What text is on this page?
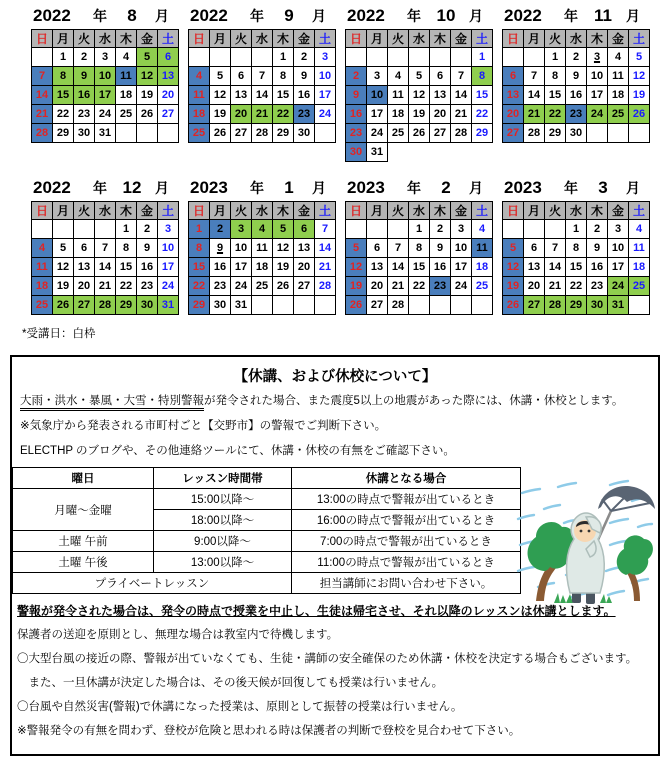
2022	年	8	月
日	月	火	水	木	金	土
	1	2	3	4	5	6
7	8	9	10	11	12	13
14	15	16	17	18	19	20
21	22	23	24	25	26	27
28	29	30	31			
2022	年	9	月
日	月	火	水	木	金	土
				1	2	3
4	5	6	7	8	9	10
11	12	13	14	15	16	17
18	19	20	21	22	23	24
25	26	27	28	29	30	
2022	年 10 月
日	月	火	水	木	金	土
						1
2	3	4	5	6	7	8
9	10	11	12	13	14	15
16	17	18	19	20	21	22
23	24	25	26	27	28	29
30	31					
2022	年 11	月
日	月	火	水	木	金	土
		1	2	3	4	5
6	7	8	9	10	11	12
13	14	15	16	17	18	19
20	21	22	23	24	25	26
27	28	29	30			
2022	年 12 月
日	月	火	水	木	金	土
				1	2	3
4	5	6	7	8	9	10
11	12	13	14	15	16	17
18	19	20	21	22	23	24
25	26	27	28	29	30	31
2023	年	1	月
日	月	火	水	木	金	土
1	2	3	4	5	6	7
8	9	10	11	12	13	14
15	16	17	18	19	20	21
22	23	24	25	26	27	28
29	30	31				
2023	年	2	月
日	月	火	水	木	金	土
			1	2	3	4
5	6	7	8	9	10	11
12	13	14	15	16	17	18
19	20	21	22	23	24	25
26	27	28				
2023	年	3	月
日	月	火	水	木	金	土
			1	2	3	4
5	6	7	8	9	10	11
12	13	14	15	16	17	18
19	20	21	22	23	24	25
26	27	28	29	30	31	
*受講日：白枠
【休講、および休校について】

大雨・洪水・暴風・大雪・特別警報が発令された場合、また震度5以上の地震があった際には、休講・休校とします。

※気象庁から発表される市町村ごと【交野市】の警報でご判断下さい。

ELECTHP のブログや、その他連絡ツールにて、休講・休校の有無をご確認下さい。

曜日	レッスン時間帯	休講となる場合
月曜～金曜	15:00以降～	13:00の時点で警報が出ているとき
	18:00以降～	16:00の時点で警報が出ているとき
土曜 午前	9:00以降～	7:00の時点で警報が出ているとき
土曜 午後	13:00以降～	11:00の時点で警報が出ているとき
プライベートレッスン		担当講師にお問い合わせ下さい。
警報が発令された場合は、発令の時点で授業を中止し、生徒は帰宅させ、それ以降のレッスンは休講とします。
保護者の送迎を原則とし、無理な場合は教室内で待機します。
〇大型台風の接近の際、警報が出ていなくても、生徒・講師の安全確保のため休講・休校を決定する場合もございます。
　また、一旦休講が決定した場合は、その後天候が回復しても授業は行いません。
〇台風や自然災害(警報)で休講になった授業は、原則として振替の授業は行いません。
※警報発令の有無を問わず、登校が危険と思われる時は保護者の判断で登校を見合わせて下さい。
